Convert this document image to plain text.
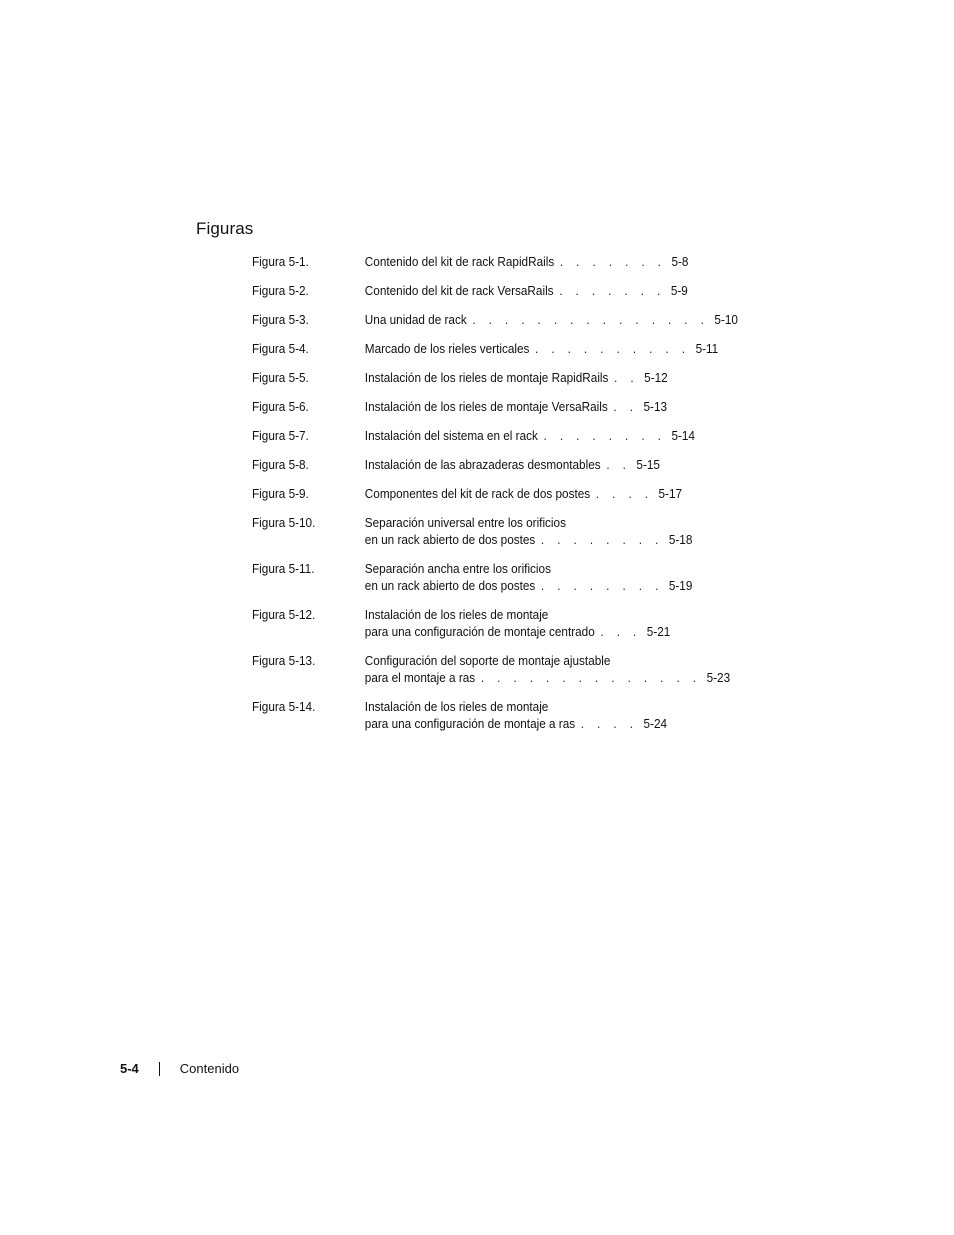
Figuras
Figura 5-1.	Contenido del kit de rack RapidRails . . . . . . . 5-8
Figura 5-2.	Contenido del kit de rack VersaRails . . . . . . . 5-9
Figura 5-3.	Una unidad de rack . . . . . . . . . . . . . . . 5-10
Figura 5-4.	Marcado de los rieles verticales . . . . . . . . . . 5-11
Figura 5-5.	Instalación de los rieles de montaje RapidRails . . 5-12
Figura 5-6.	Instalación de los rieles de montaje VersaRails . . 5-13
Figura 5-7.	Instalación del sistema en el rack . . . . . . . . 5-14
Figura 5-8.	Instalación de las abrazaderas desmontables . . 5-15
Figura 5-9.	Componentes del kit de rack de dos postes . . . . 5-17
Figura 5-10.	Separación universal entre los orificios
en un rack abierto de dos postes . . . . . . . . 5-18
Figura 5-11.	Separación ancha entre los orificios
en un rack abierto de dos postes . . . . . . . . 5-19
Figura 5-12.	Instalación de los rieles de montaje
para una configuración de montaje centrado . . . 5-21
Figura 5-13.	Configuración del soporte de montaje ajustable
para el montaje a ras . . . . . . . . . . . . . . 5-23
Figura 5-14.	Instalación de los rieles de montaje
para una configuración de montaje a ras . . . . 5-24
5-4	Contenido
